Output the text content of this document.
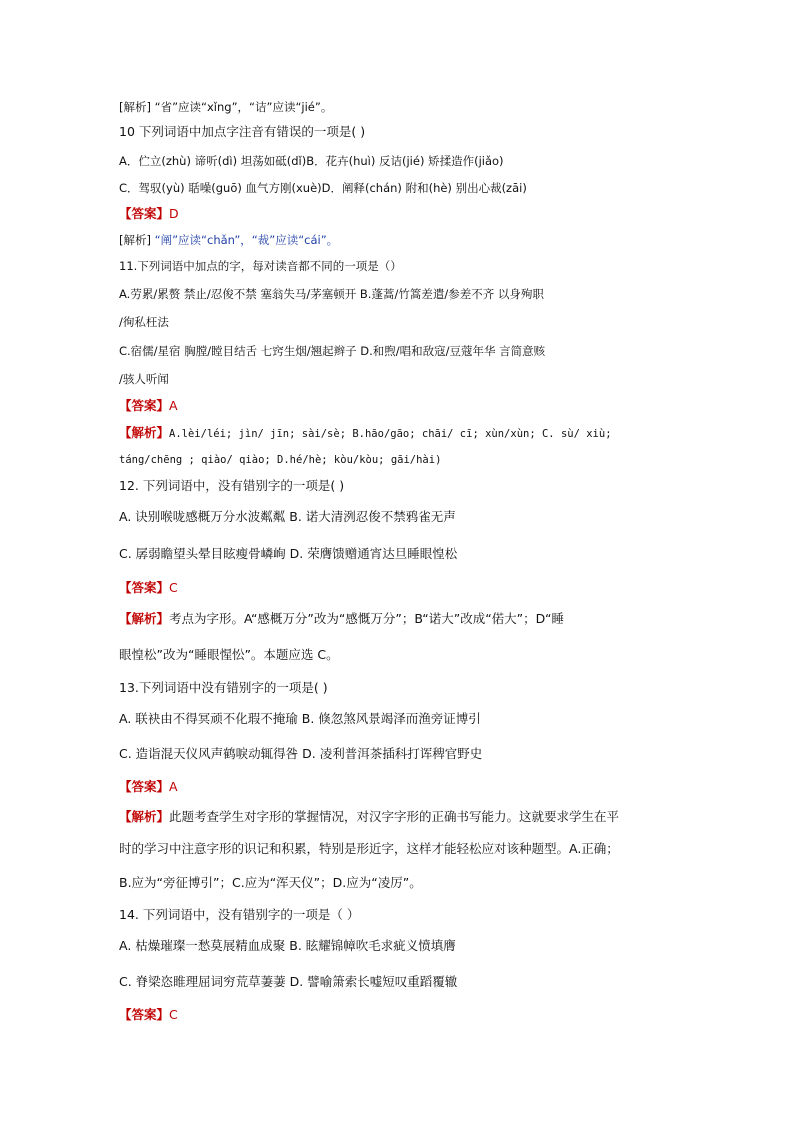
[解析] “省”应读“xǐng”，“诘”应读“jié”。
10 下列词语中加点字注音有错误的一项是( )
A．伫立(zhù) 谛听(dì) 坦荡如砥(dǐ)B．花卉(huì) 反诘(jié) 矫揉造作(jiǎo)
C．驾驭(yù) 聒噪(guō) 血气方刚(xuè)D．阐释(chán) 附和(hè) 别出心裁(zāi)
【答案】D
[解析] “阐”应读“chǎn”，“裁”应读“cái”。
11.下列词语中加点的字，每对读音都不同的一项是（）
A.劳累/累赘 禁止/忍俊不禁 塞翁失马/茅塞顿开 B.蓬蒿/竹篙差遣/参差不齐 以身殉职
/徇私枉法
C.宿儒/星宿 胸膛/瞠目结舌 七窍生烟/翘起辫子 D.和煦/唱和敌寇/豆蔻年华 言简意赅
/骇人听闻
【答案】A
【解析】A.lèi/léi; jìn/ jīn; sài/sè; B.hāo/gāo; chāi/ cī; xùn/xùn; C. sù/ xiù;
táng/chēng ; qiào/ qiào; D.hé/hè; kòu/kòu; gāi/hài)
12. 下列词语中，没有错别字的一项是( )
A. 诀别喉咙感概万分水波粼粼 B. 诺大清洌忍俊不禁鸦雀无声
C. 孱弱瞻望头晕目眩瘦骨嶙峋 D. 荣膺馈赠通宵达旦睡眼惶松
【答案】C
【解析】考点为字形。A“感概万分”改为“感慨万分”；B“诺大”改成“偌大”；D“睡
眼惶松”改为“睡眼惺忪”。本题应选 C。
13.下列词语中没有错别字的一项是( )
A. 联袂由不得冥顽不化瑕不掩瑜 B. 倏忽煞风景竭泽而渔旁证博引
C. 造诣混天仪风声鹤唳动辄得咎 D. 凌利普洱茶插科打诨稗官野史
【答案】A
【解析】此题考查学生对字形的掌握情况，对汉字字形的正确书写能力。这就要求学生在平
时的学习中注意字形的识记和积累，特别是形近字，这样才能轻松应对该种题型。A.正确；
B.应为“旁征博引”；C.应为“浑天仪”；D.应为“凌厉”。
14. 下列词语中，没有错别字的一项是（ ）
A. 枯燥璀璨一愁莫展精血成聚 B. 眩耀锦幛吹毛求疵义愤填膺
C. 脊梁恣睢理屈词穷荒草萋萋 D. 譬喻箫索长嘘短叹重蹈覆辙
【答案】C
